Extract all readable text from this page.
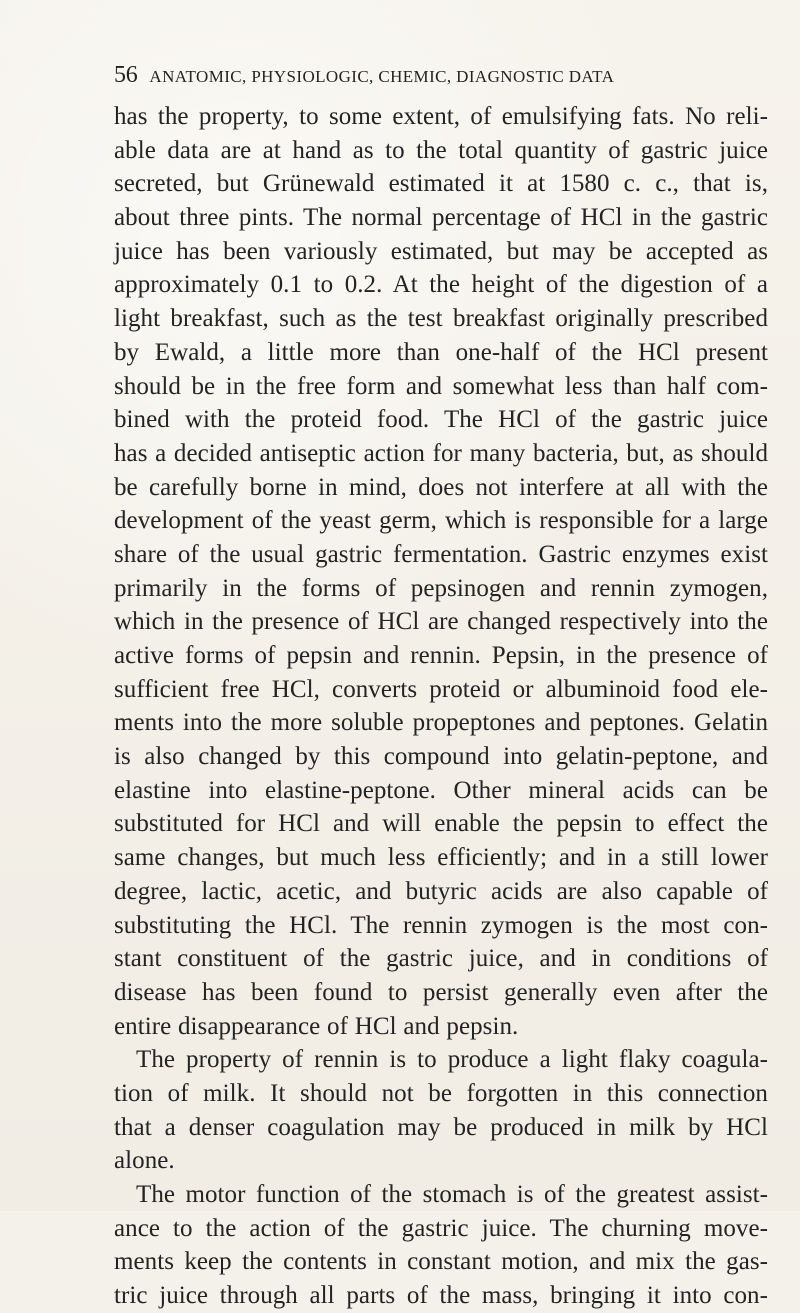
56 ANATOMIC, PHYSIOLOGIC, CHEMIC, DIAGNOSTIC DATA
has the property, to some extent, of emulsifying fats. No reli-
able data are at hand as to the total quantity of gastric juice
secreted, but Grünewald estimated it at 1580 c. c., that is,
about three pints. The normal percentage of HCl in the gastric
juice has been variously estimated, but may be accepted as
approximately 0.1 to 0.2. At the height of the digestion of a
light breakfast, such as the test breakfast originally prescribed
by Ewald, a little more than one-half of the HCl present
should be in the free form and somewhat less than half com-
bined with the proteid food. The HCl of the gastric juice
has a decided antiseptic action for many bacteria, but, as should
be carefully borne in mind, does not interfere at all with the
development of the yeast germ, which is responsible for a large
share of the usual gastric fermentation. Gastric enzymes exist
primarily in the forms of pepsinogen and rennin zymogen,
which in the presence of HCl are changed respectively into the
active forms of pepsin and rennin. Pepsin, in the presence of
sufficient free HCl, converts proteid or albuminoid food ele-
ments into the more soluble propeptones and peptones. Gelatin
is also changed by this compound into gelatin-peptone, and
elastine into elastine-peptone. Other mineral acids can be
substituted for HCl and will enable the pepsin to effect the
same changes, but much less efficiently; and in a still lower
degree, lactic, acetic, and butyric acids are also capable of
substituting the HCl. The rennin zymogen is the most con-
stant constituent of the gastric juice, and in conditions of
disease has been found to persist generally even after the
entire disappearance of HCl and pepsin.
The property of rennin is to produce a light flaky coagula-
tion of milk. It should not be forgotten in this connection
that a denser coagulation may be produced in milk by HCl
alone.
The motor function of the stomach is of the greatest assist-
ance to the action of the gastric juice. The churning move-
ments keep the contents in constant motion, and mix the gas-
tric juice through all parts of the mass, bringing it into con-
